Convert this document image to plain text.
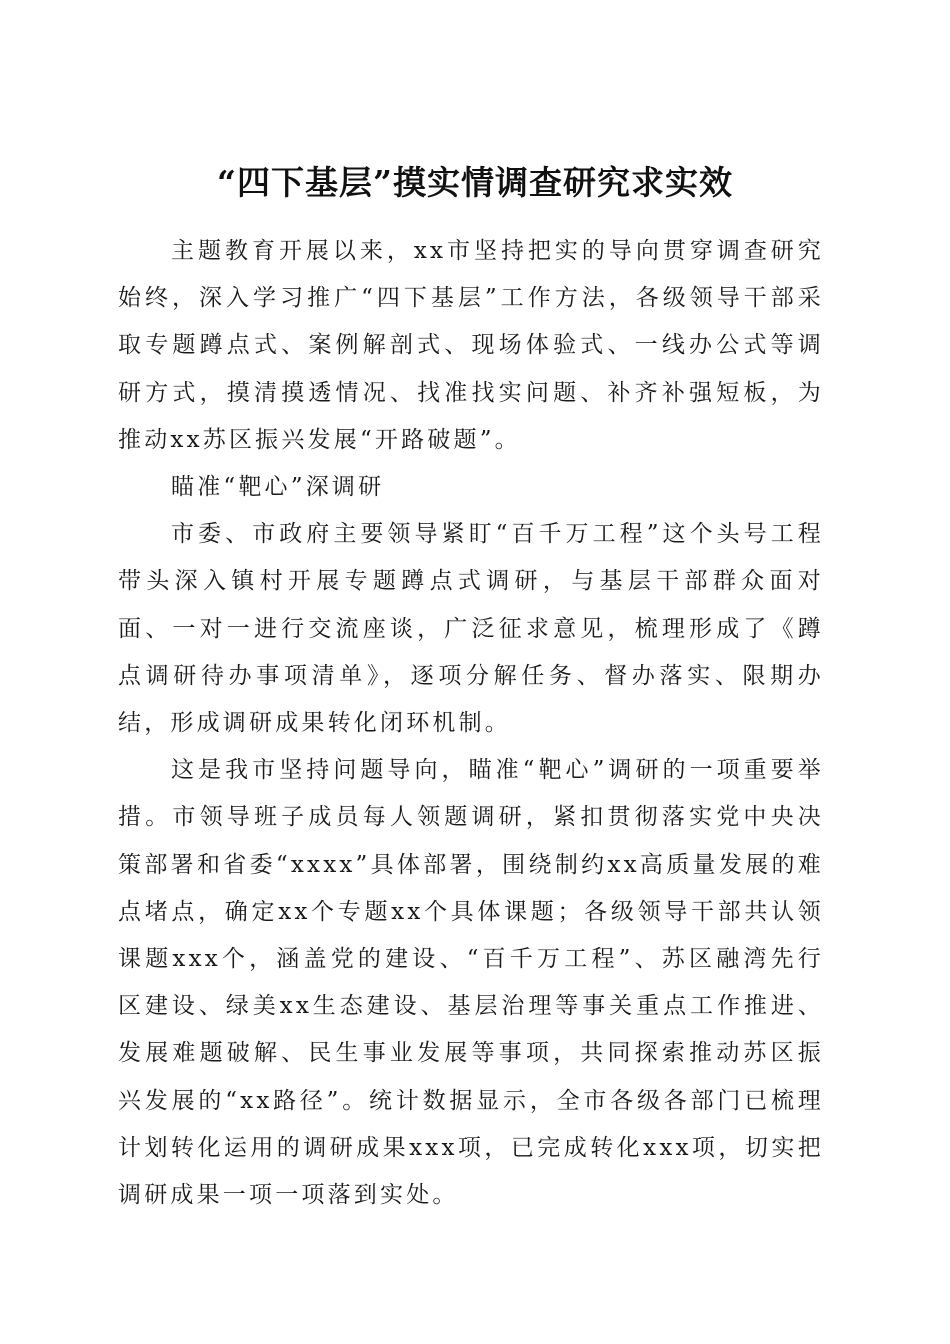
“四下基层”摸实情调查研究求实效

主题教育开展以来，xx市坚持把实的导向贯穿调查研究始终，深入学习推广“四下基层”工作方法，各级领导干部采取专题蹲点式、案例解剖式、现场体验式、一线办公式等调研方式，摸清摸透情况、找准找实问题、补齐补强短板，为推动xx苏区振兴发展“开路破题”。

瞄准“靶心”深调研

市委、市政府主要领导紧盯“百千万工程”这个头号工程带头深入镇村开展专题蹲点式调研，与基层干部群众面对面、一对一进行交流座谈，广泛征求意见，梳理形成了《蹲点调研待办事项清单》，逐项分解任务、督办落实、限期办结，形成调研成果转化闭环机制。

这是我市坚持问题导向，瞄准“靶心”调研的一项重要举措。市领导班子成员每人领题调研，紧扣贯彻落实党中央决策部署和省委“xxxx”具体部署，围绕制约xx高质量发展的难点堵点，确定xx个专题xx个具体课题；各级领导干部共认领课题xxx个，涵盖党的建设、“百千万工程”、苏区融湾先行区建设、绿美xx生态建设、基层治理等事关重点工作推进、发展难题破解、民生事业发展等事项，共同探索推动苏区振兴发展的“xx路径”。统计数据显示，全市各级各部门已梳理计划转化运用的调研成果xxx项，已完成转化xxx项，切实把调研成果一项一项落到实处。
